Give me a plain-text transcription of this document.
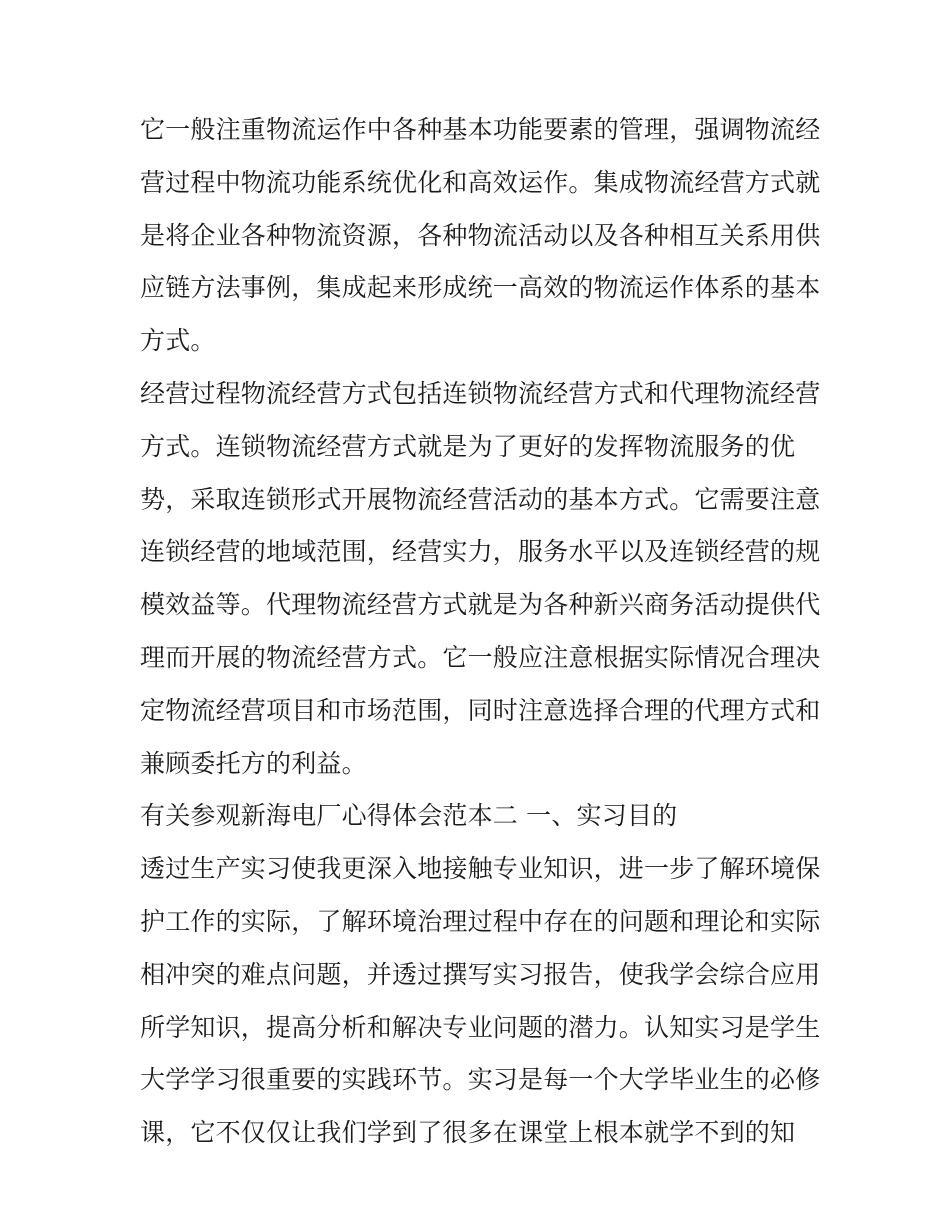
它一般注重物流运作中各种基本功能要素的管理，强调物流经
营过程中物流功能系统优化和高效运作。集成物流经营方式就
是将企业各种物流资源，各种物流活动以及各种相互关系用供
应链方法事例，集成起来形成统一高效的物流运作体系的基本
方式。
经营过程物流经营方式包括连锁物流经营方式和代理物流经营
方式。连锁物流经营方式就是为了更好的发挥物流服务的优
势，采取连锁形式开展物流经营活动的基本方式。它需要注意
连锁经营的地域范围，经营实力，服务水平以及连锁经营的规
模效益等。代理物流经营方式就是为各种新兴商务活动提供代
理而开展的物流经营方式。它一般应注意根据实际情况合理决
定物流经营项目和市场范围，同时注意选择合理的代理方式和
兼顾委托方的利益。
有关参观新海电厂心得体会范本二 一、实习目的
透过生产实习使我更深入地接触专业知识，进一步了解环境保
护工作的实际，了解环境治理过程中存在的问题和理论和实际
相冲突的难点问题，并透过撰写实习报告，使我学会综合应用
所学知识，提高分析和解决专业问题的潜力。认知实习是学生
大学学习很重要的实践环节。实习是每一个大学毕业生的必修
课，它不仅仅让我们学到了很多在课堂上根本就学不到的知
